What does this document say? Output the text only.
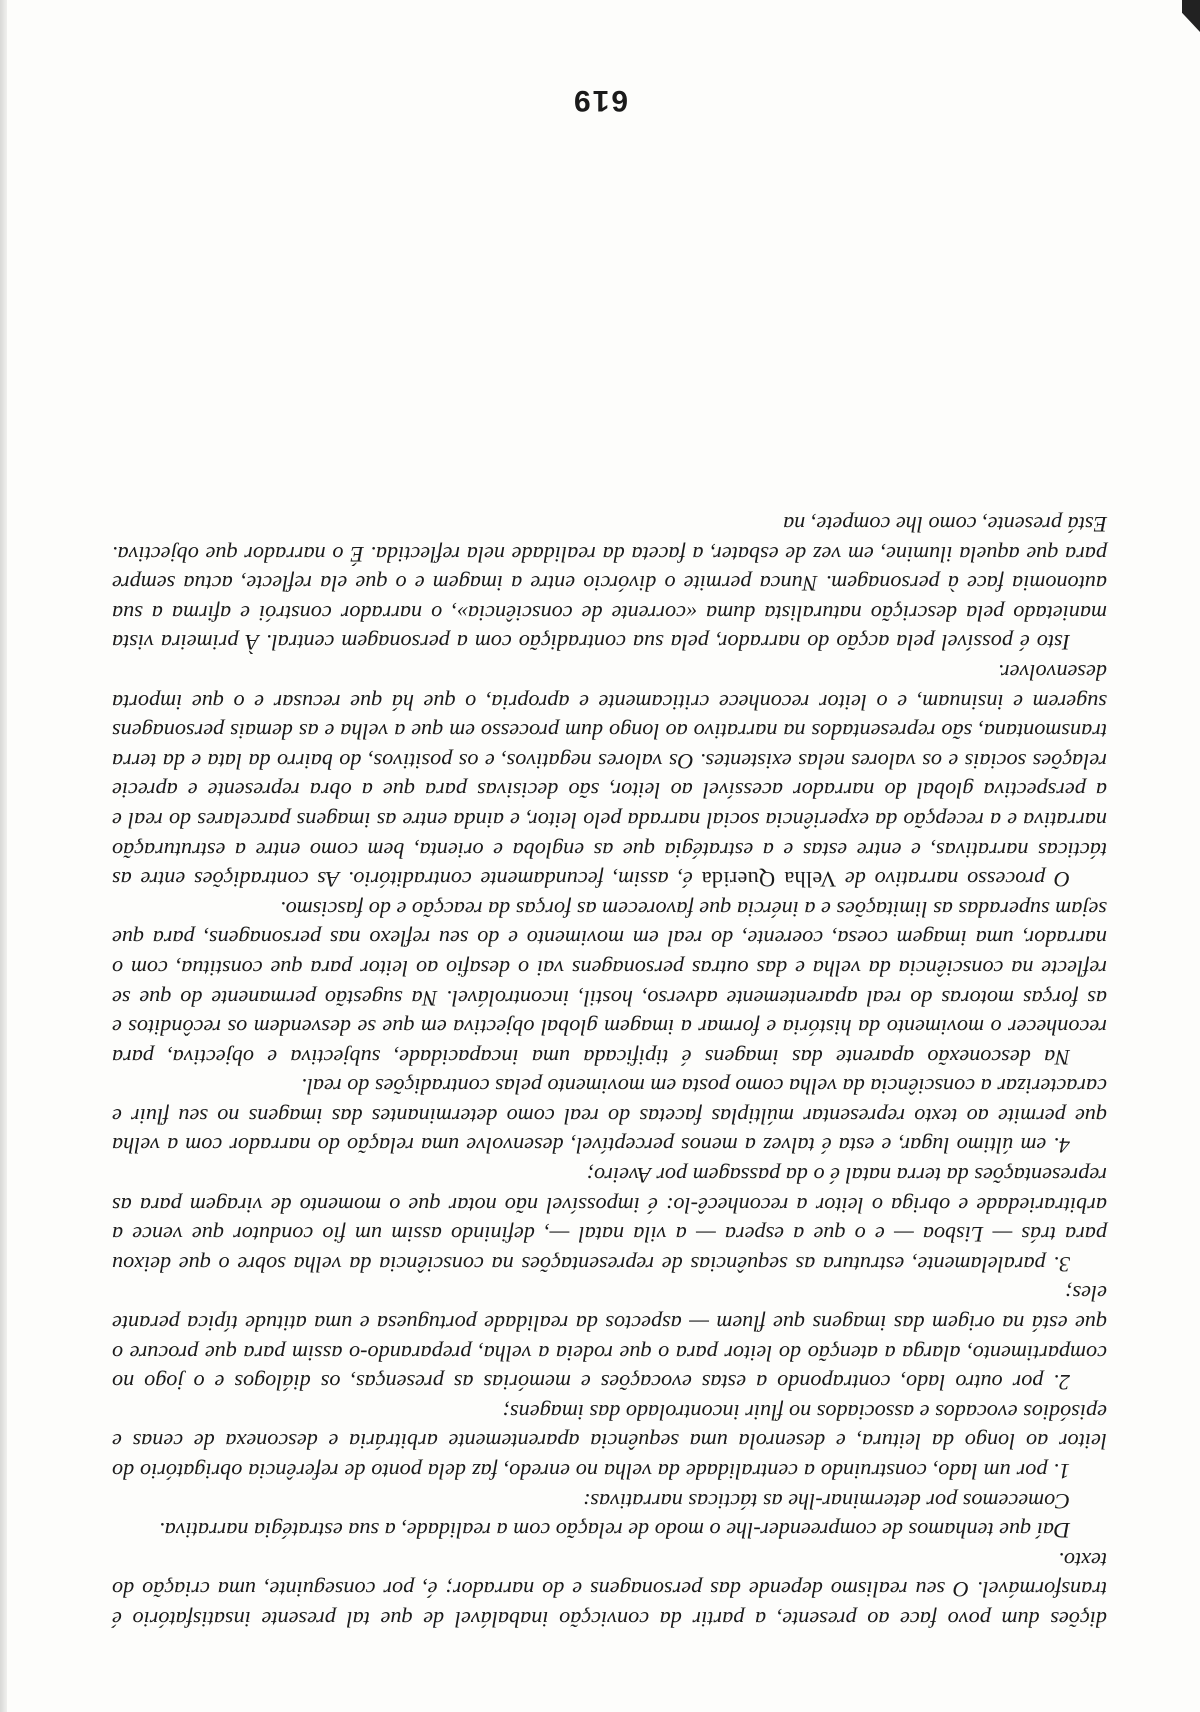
dições dum povo face ao presente, a partir da convicção inabalável de que tal presente insatisfatório é transformável. O seu realismo depende das personagens e do narrador; é, por conseguinte, uma criação do texto.

Daí que tenhamos de compreender-lhe o modo de relação com a realidade, a sua estratégia narrativa.

Comecemos por determinar-lhe as tácticas narrativas:

1. por um lado, construindo a centralidade da velha no enredo, faz dela ponto de referência obrigatório do leitor ao longo da leitura, e desenrola uma sequência aparentemente arbitrária e desconexa de cenas e episódios evocados e associados no fluir incontrolado das imagens;

2. por outro lado, contrapondo a estas evocações e memórias as presenças, os diálogos e o jogo no compartimento, alarga a atenção do leitor para o que rodeia a velha, preparando-o assim para que procure o que está na origem das imagens que fluem — aspectos da realidade portuguesa e uma atitude típica perante eles;

3. paralelamente, estrutura as sequências de representações na consciência da velha sobre o que deixou para trás — Lisboa — e o que a espera — a vila natal —, definindo assim um fio condutor que vence a arbitrariedade e obriga o leitor a reconhecê-lo: é impossível não notar que o momento de viragem para as representações da terra natal é o da passagem por Aveiro;

4. em último lugar, e esta é talvez a menos perceptível, desenvolve uma relação do narrador com a velha que permite ao texto representar múltiplas facetas do real como determinantes das imagens no seu fluir e caracterizar a consciência da velha como posta em movimento pelas contradições do real.

Na desconexão aparente das imagens é tipificada uma incapacidade, subjectiva e objectiva, para reconhecer o movimento da história e formar a imagem global objectiva em que se desvendem os recônditos e as forças motoras do real aparentemente adverso, hostil, incontrolável. Na sugestão permanente do que se reflecte na consciência da velha e das outras personagens vai o desafio ao leitor para que constitua, com o narrador, uma imagem coesa, coerente, do real em movimento e do seu reflexo nas personagens, para que sejam superadas as limitações e a inércia que favorecem as forças da reacção e do fascismo.

O processo narrativo de Velha Querida é, assim, fecundamente contraditório. As contradições entre as tácticas narrativas, e entre estas e a estratégia que as engloba e orienta, bem como entre a estruturação narrativa e a recepção da experiência social narrada pelo leitor, e ainda entre as imagens parcelares do real e a perspectiva global do narrador acessível ao leitor, são decisivas para que a obra represente e aprecie relações sociais e os valores nelas existentes. Os valores negativos, e os positivos, do bairro da lata e da terra transmontana, são representados na narrativo ao longo dum processo em que a velha e as demais personagens sugerem e insinuam, e o leitor reconhece criticamente e apropria, o que há que recusar e o que importa desenvolver.

Isto é possível pela acção do narrador, pela sua contradição com a personagem central. À primeira vista manietado pela descrição naturalista duma «corrente de consciência», o narrador constrói e afirma a sua autonomia face à personagem. Nunca permite o divórcio entre a imagem e o que ela reflecte, actua sempre para que aquela ilumine, em vez de esbater, a faceta da realidade nela reflectida. É o narrador que objectiva. Está presente, como lhe compete, na

619
